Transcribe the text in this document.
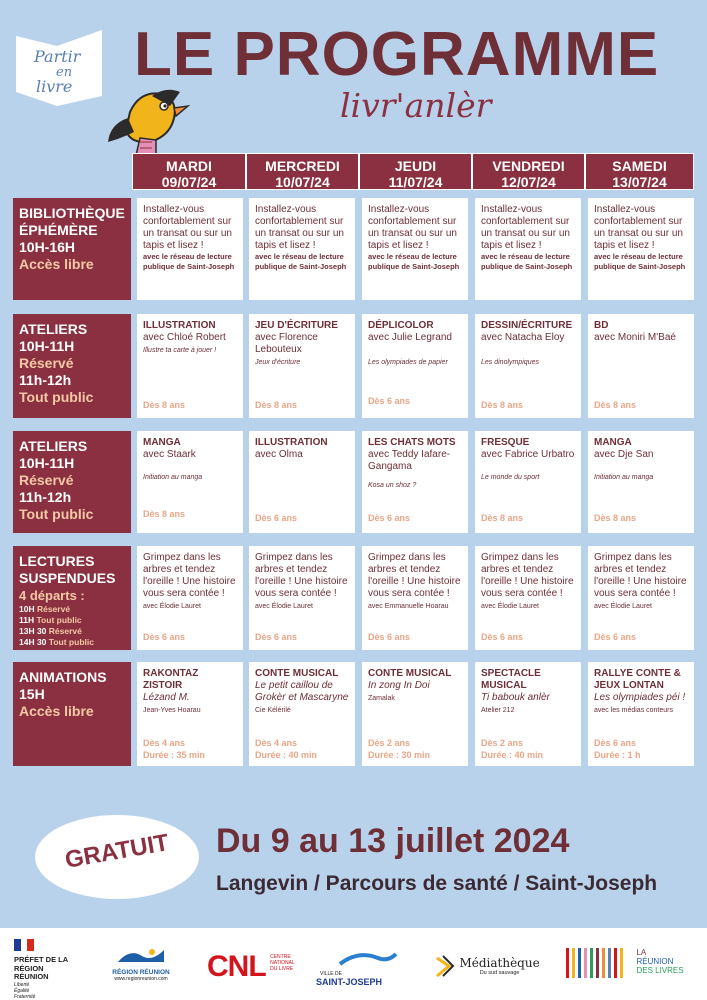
Partir
en
livre LE PROGRAMME
livr'anlèr
MARDI
09/07/24
MERCREDI
10/07/24
JEUDI
11/07/24
VENDREDI
12/07/24
SAMEDI
13/07/24
BIBLIOTHÈQUE
ÉPHÉMÈRE
10H-16H
Accès libre
Installez-vous confortablement sur un transat ou sur un tapis et lisez !
avec le réseau de lecture publique de Saint-Joseph
Installez-vous confortablement sur un transat ou sur un tapis et lisez !
avec le réseau de lecture publique de Saint-Joseph
Installez-vous confortablement sur un transat ou sur un tapis et lisez !
avec le réseau de lecture publique de Saint-Joseph
Installez-vous confortablement sur un transat ou sur un tapis et lisez !
avec le réseau de lecture publique de Saint-Joseph
Installez-vous confortablement sur un transat ou sur un tapis et lisez !
avec le réseau de lecture publique de Saint-Joseph
ATELIERS
10H-11H
Réservé
11h-12h
Tout public
ILLUSTRATION
avec Chloé Robert
Illustre ta carte à jouer !
Dès 8 ans
JEU D'ÉCRITURE
avec Florence Lebouteux
Jeux d'écriture
Dès 8 ans
DÉPLICOLOR
avec Julie Legrand
Les olympiades de papier
Dès 6 ans
DESSIN/ÉCRITURE
avec Natacha Eloy
Les dinolympiques
Dès 8 ans
BD
avec Moniri M'Baé
Dès 8 ans
ATELIERS
10H-11H
Réservé
11h-12h
Tout public
MANGA
avec Staark
Initiation au manga
Dès 8 ans
ILLUSTRATION
avec Olma
Dès 6 ans
LES CHATS MOTS
avec Teddy Iafare-Gangama
Kosa un shoz ?
Dès 6 ans
FRESQUE
avec Fabrice Urbatro
Le monde du sport
Dès 8 ans
MANGA
avec Dje San
Initiation au manga
Dès 8 ans
LECTURES
SUSPENDUES
4 départs :
10H Réservé
11H Tout public
13H 30 Réservé
14H 30 Tout public
Grimpez dans les arbres et tendez l'oreille ! Une histoire vous sera contée !
avec Élodie Lauret
Dès 6 ans
Grimpez dans les arbres et tendez l'oreille ! Une histoire vous sera contée !
avec Élodie Lauret
Dès 6 ans
Grimpez dans les arbres et tendez l'oreille ! Une histoire vous sera contée !
avec Emmanuelle Hoarau
Dès 6 ans
Grimpez dans les arbres et tendez l'oreille ! Une histoire vous sera contée !
avec Élodie Lauret
Dès 6 ans
Grimpez dans les arbres et tendez l'oreille ! Une histoire vous sera contée !
avec Élodie Lauret
Dès 6 ans
ANIMATIONS
15H
Accès libre
RAKONTAZ ZISTOIR
Lézand M.
Jean-Yves Hoarau
Dès 4 ans
Durée : 35 min
CONTE MUSICAL
Le petit caillou de Grokèr et Mascaryne
Cie Kélérilé
Dès 4 ans
Durée : 40 min
CONTE MUSICAL
In zong In Doi
Zamalak
Dès 2 ans
Durée : 30 min
SPECTACLE MUSICAL
Ti babouk anlèr
Atelier 212
Dès 2 ans
Durée : 40 min
RALLYE CONTE & JEUX LONTAN
Les olympiades péi !
avec les médias conteurs
Dès 6 ans
Durée : 1 h
GRATUIT	Du 9 au 13 juillet 2024
Langevin / Parcours de santé / Saint-Joseph
PRÉFET DE LA RÉGION RÉUNION
Liberté Égalité Fraternité
RÉGION RÉUNION
www.regionreunion.com CNL CENTRE NATIONAL DU LIVRE
VILLE DE
SAINT-JOSEPH

Médiathèque
Du sud sauvage

LA
RÉUNION
DES LIVRES
